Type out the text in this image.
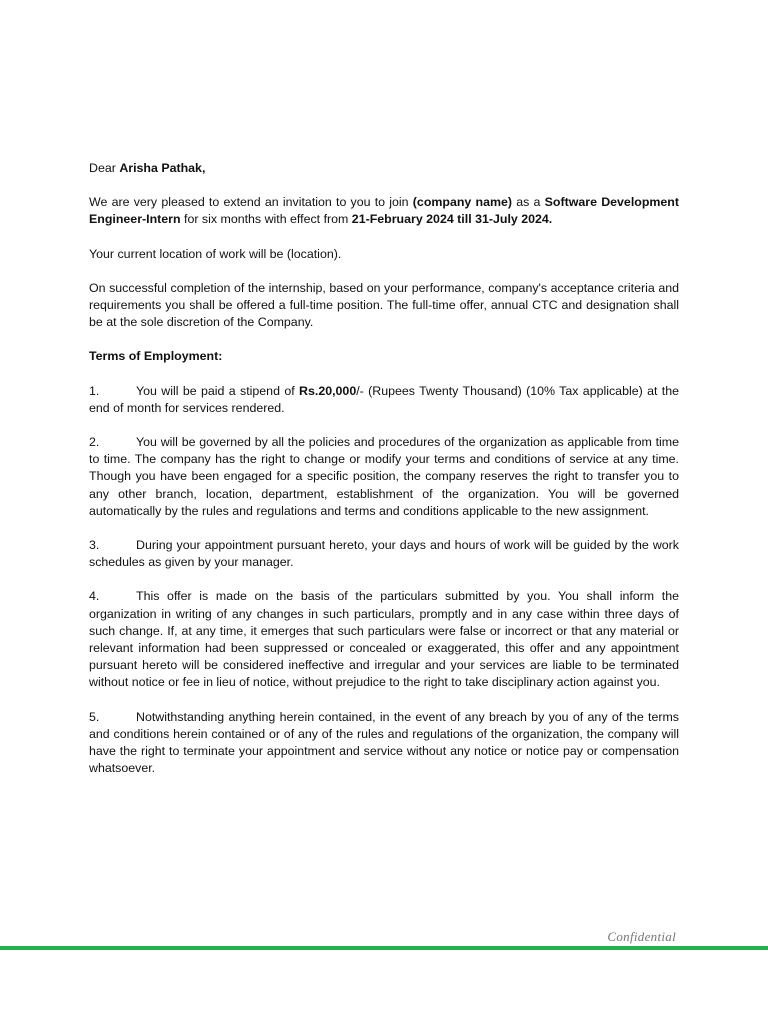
Dear Arisha Pathak,

We are very pleased to extend an invitation to you to join (company name) as a Software Development Engineer-Intern for six months with effect from 21-February 2024 till 31-July 2024.

Your current location of work will be (location).

On successful completion of the internship, based on your performance, company's acceptance criteria and requirements you shall be offered a full-time position. The full-time offer, annual CTC and designation shall be at the sole discretion of the Company.

Terms of Employment:

1.	You will be paid a stipend of Rs.20,000/- (Rupees Twenty Thousand) (10% Tax applicable) at the end of month for services rendered.

2.	You will be governed by all the policies and procedures of the organization as applicable from time to time. The company has the right to change or modify your terms and conditions of service at any time. Though you have been engaged for a specific position, the company reserves the right to transfer you to any other branch, location, department, establishment of the organization. You will be governed automatically by the rules and regulations and terms and conditions applicable to the new assignment.

3.	During your appointment pursuant hereto, your days and hours of work will be guided by the work schedules as given by your manager.

4.	This offer is made on the basis of the particulars submitted by you. You shall inform the organization in writing of any changes in such particulars, promptly and in any case within three days of such change. If, at any time, it emerges that such particulars were false or incorrect or that any material or relevant information had been suppressed or concealed or exaggerated, this offer and any appointment pursuant hereto will be considered ineffective and irregular and your services are liable to be terminated without notice or fee in lieu of notice, without prejudice to the right to take disciplinary action against you.

5.	Notwithstanding anything herein contained, in the event of any breach by you of any of the terms and conditions herein contained or of any of the rules and regulations of the organization, the company will have the right to terminate your appointment and service without any notice or notice pay or compensation whatsoever.

Confidential
